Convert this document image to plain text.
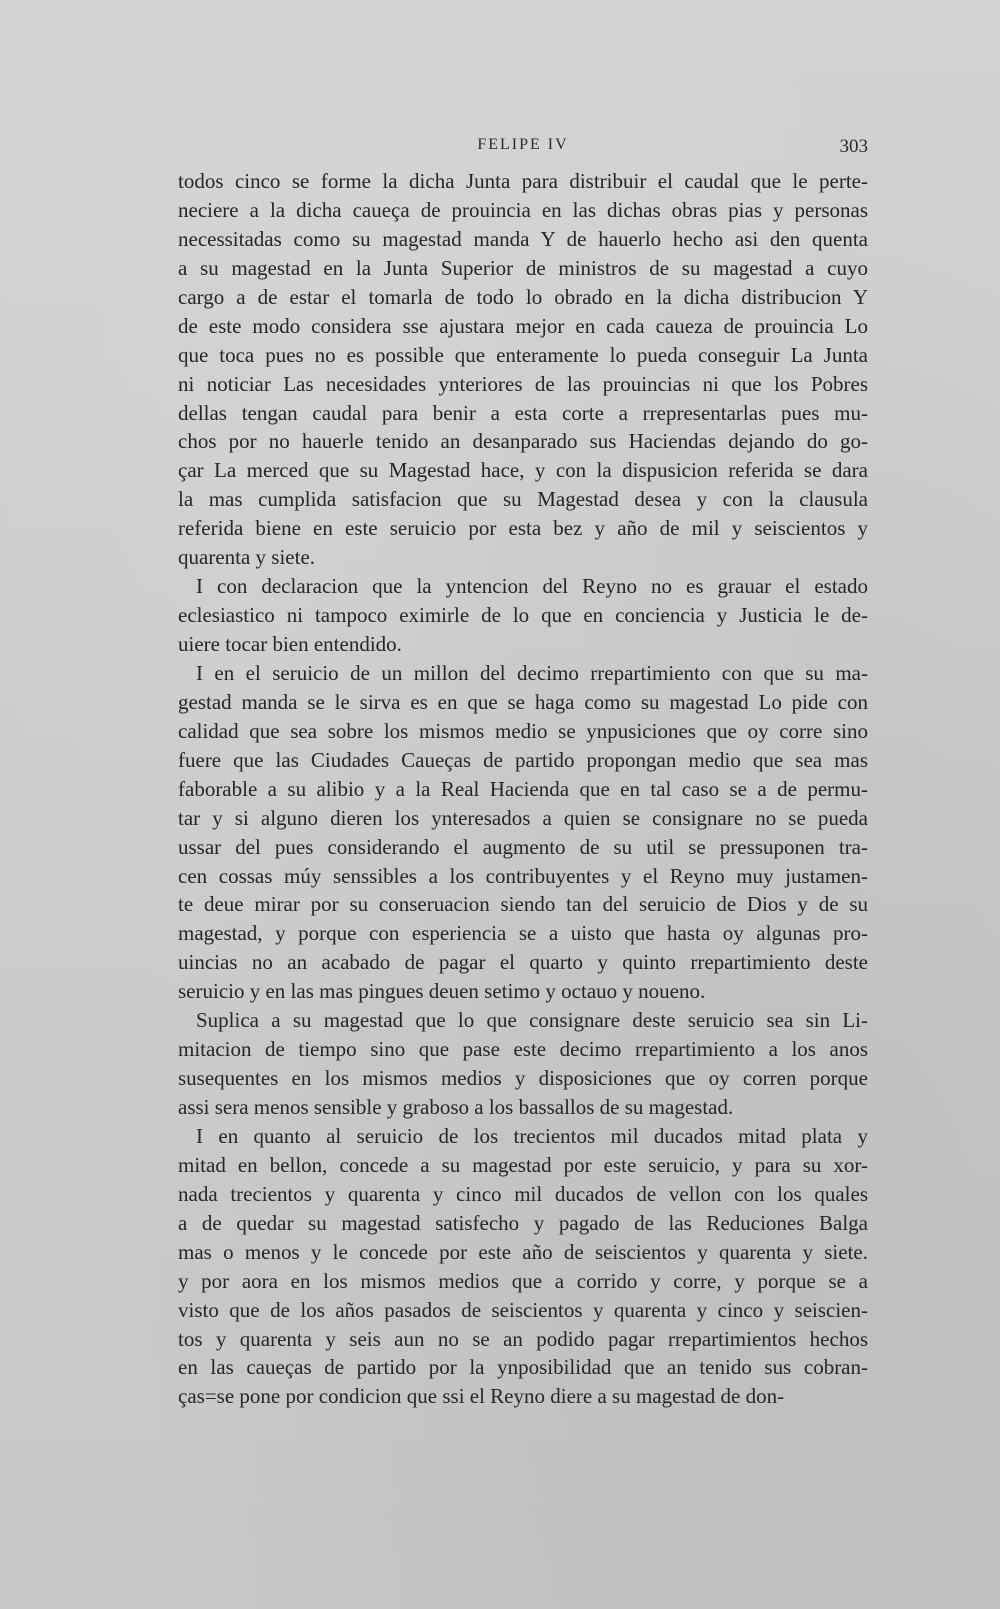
FELIPE IV	303
todos cinco se forme la dicha Junta para distribuir el caudal que le perte-
neciere a la dicha caueça de prouincia en las dichas obras pias y personas
necessitadas como su magestad manda Y de hauerlo hecho asi den quenta
a su magestad en la Junta Superior de ministros de su magestad a cuyo
cargo a de estar el tomarla de todo lo obrado en la dicha distribucion Y
de este modo considera sse ajustara mejor en cada caueza de prouincia Lo
que toca pues no es possible que enteramente lo pueda conseguir La Junta
ni noticiar Las necesidades ynteriores de las prouincias ni que los Pobres
dellas tengan caudal para benir a esta corte a rrepresentarlas pues mu-
chos por no hauerle tenido an desanparado sus Haciendas dejando do go-
çar La merced que su Magestad hace, y con la dispusicion referida se dara
la mas cumplida satisfacion que su Magestad desea y con la clausula
referida biene en este seruicio por esta bez y año de mil y seiscientos y
quarenta y siete.
I con declaracion que la yntencion del Reyno no es grauar el estado
eclesiastico ni tampoco eximirle de lo que en conciencia y Justicia le de-
uiere tocar bien entendido.
I en el seruicio de un millon del decimo rrepartimiento con que su ma-
gestad manda se le sirva es en que se haga como su magestad Lo pide con
calidad que sea sobre los mismos medio se ynpusiciones que oy corre sino
fuere que las Ciudades Caueças de partido propongan medio que sea mas
faborable a su alibio y a la Real Hacienda que en tal caso se a de permu-
tar y si alguno dieren los ynteresados a quien se consignare no se pueda
ussar del pues considerando el augmento de su util se pressuponen tra-
cen cossas múy senssibles a los contribuyentes y el Reyno muy justamen-
te deue mirar por su conseruacion siendo tan del seruicio de Dios y de su
magestad, y porque con esperiencia se a uisto que hasta oy algunas pro-
uincias no an acabado de pagar el quarto y quinto rrepartimiento deste
seruicio y en las mas pingues deuen setimo y octauo y noueno.
Suplica a su magestad que lo que consignare deste seruicio sea sin Li-
mitacion de tiempo sino que pase este decimo rrepartimiento a los anos
susequentes en los mismos medios y disposiciones que oy corren porque
assi sera menos sensible y graboso a los bassallos de su magestad.
I en quanto al seruicio de los trecientos mil ducados mitad plata y
mitad en bellon, concede a su magestad por este seruicio, y para su xor-
nada trecientos y quarenta y cinco mil ducados de vellon con los quales
a de quedar su magestad satisfecho y pagado de las Reduciones Balga
mas o menos y le concede por este año de seiscientos y quarenta y siete.
y por aora en los mismos medios que a corrido y corre, y porque se a
visto que de los años pasados de seiscientos y quarenta y cinco y seiscien-
tos y quarenta y seis aun no se an podido pagar rrepartimientos hechos
en las caueças de partido por la ynposibilidad que an tenido sus cobran-
ças=se pone por condicion que ssi el Reyno diere a su magestad de don-
